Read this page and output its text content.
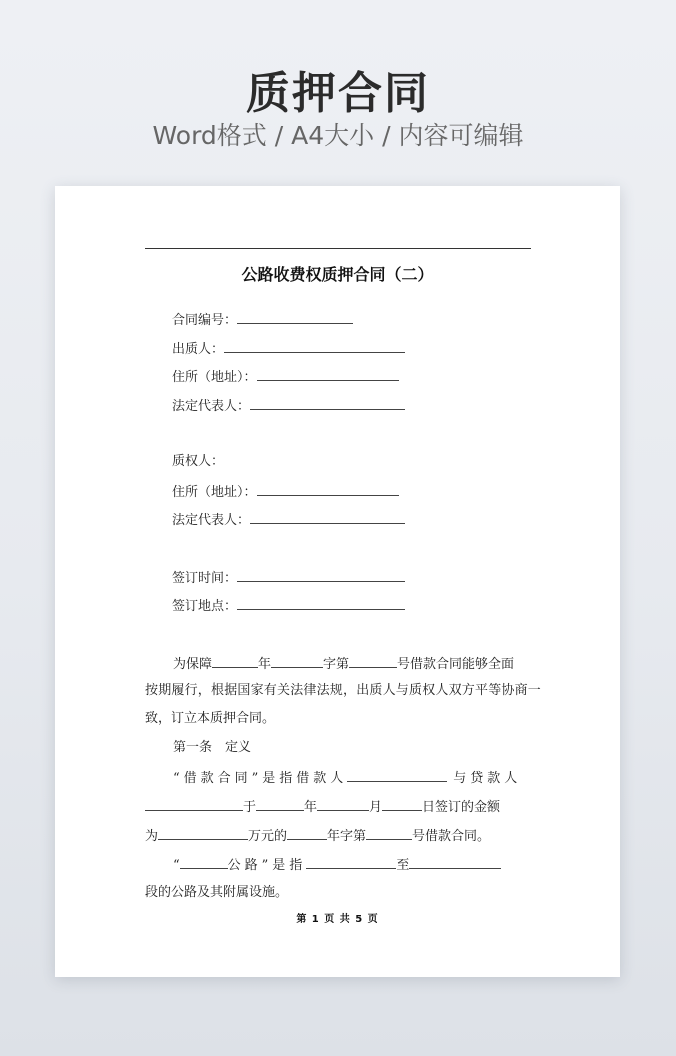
质押合同
Word格式 / A4大小 / 内容可编辑
公路收费权质押合同（二）
合同编号：
出质人：
住所（地址）：
法定代表人：
质权人：
住所（地址）：
法定代表人：
签订时间：
签订地点：
为保障	年	字第	号借款合同能够全面
按期履行，根据国家有关法律法规，出质人与质权人双方平等协商一
致，订立本质押合同。
第一条　定义
“借款合同”是指借款人	与贷款人
于	年	月	日签订的金额
为	万元的	年字第	号借款合同。
“	公路”是指	至
段的公路及其附属设施。
第 1 页 共 5 页
